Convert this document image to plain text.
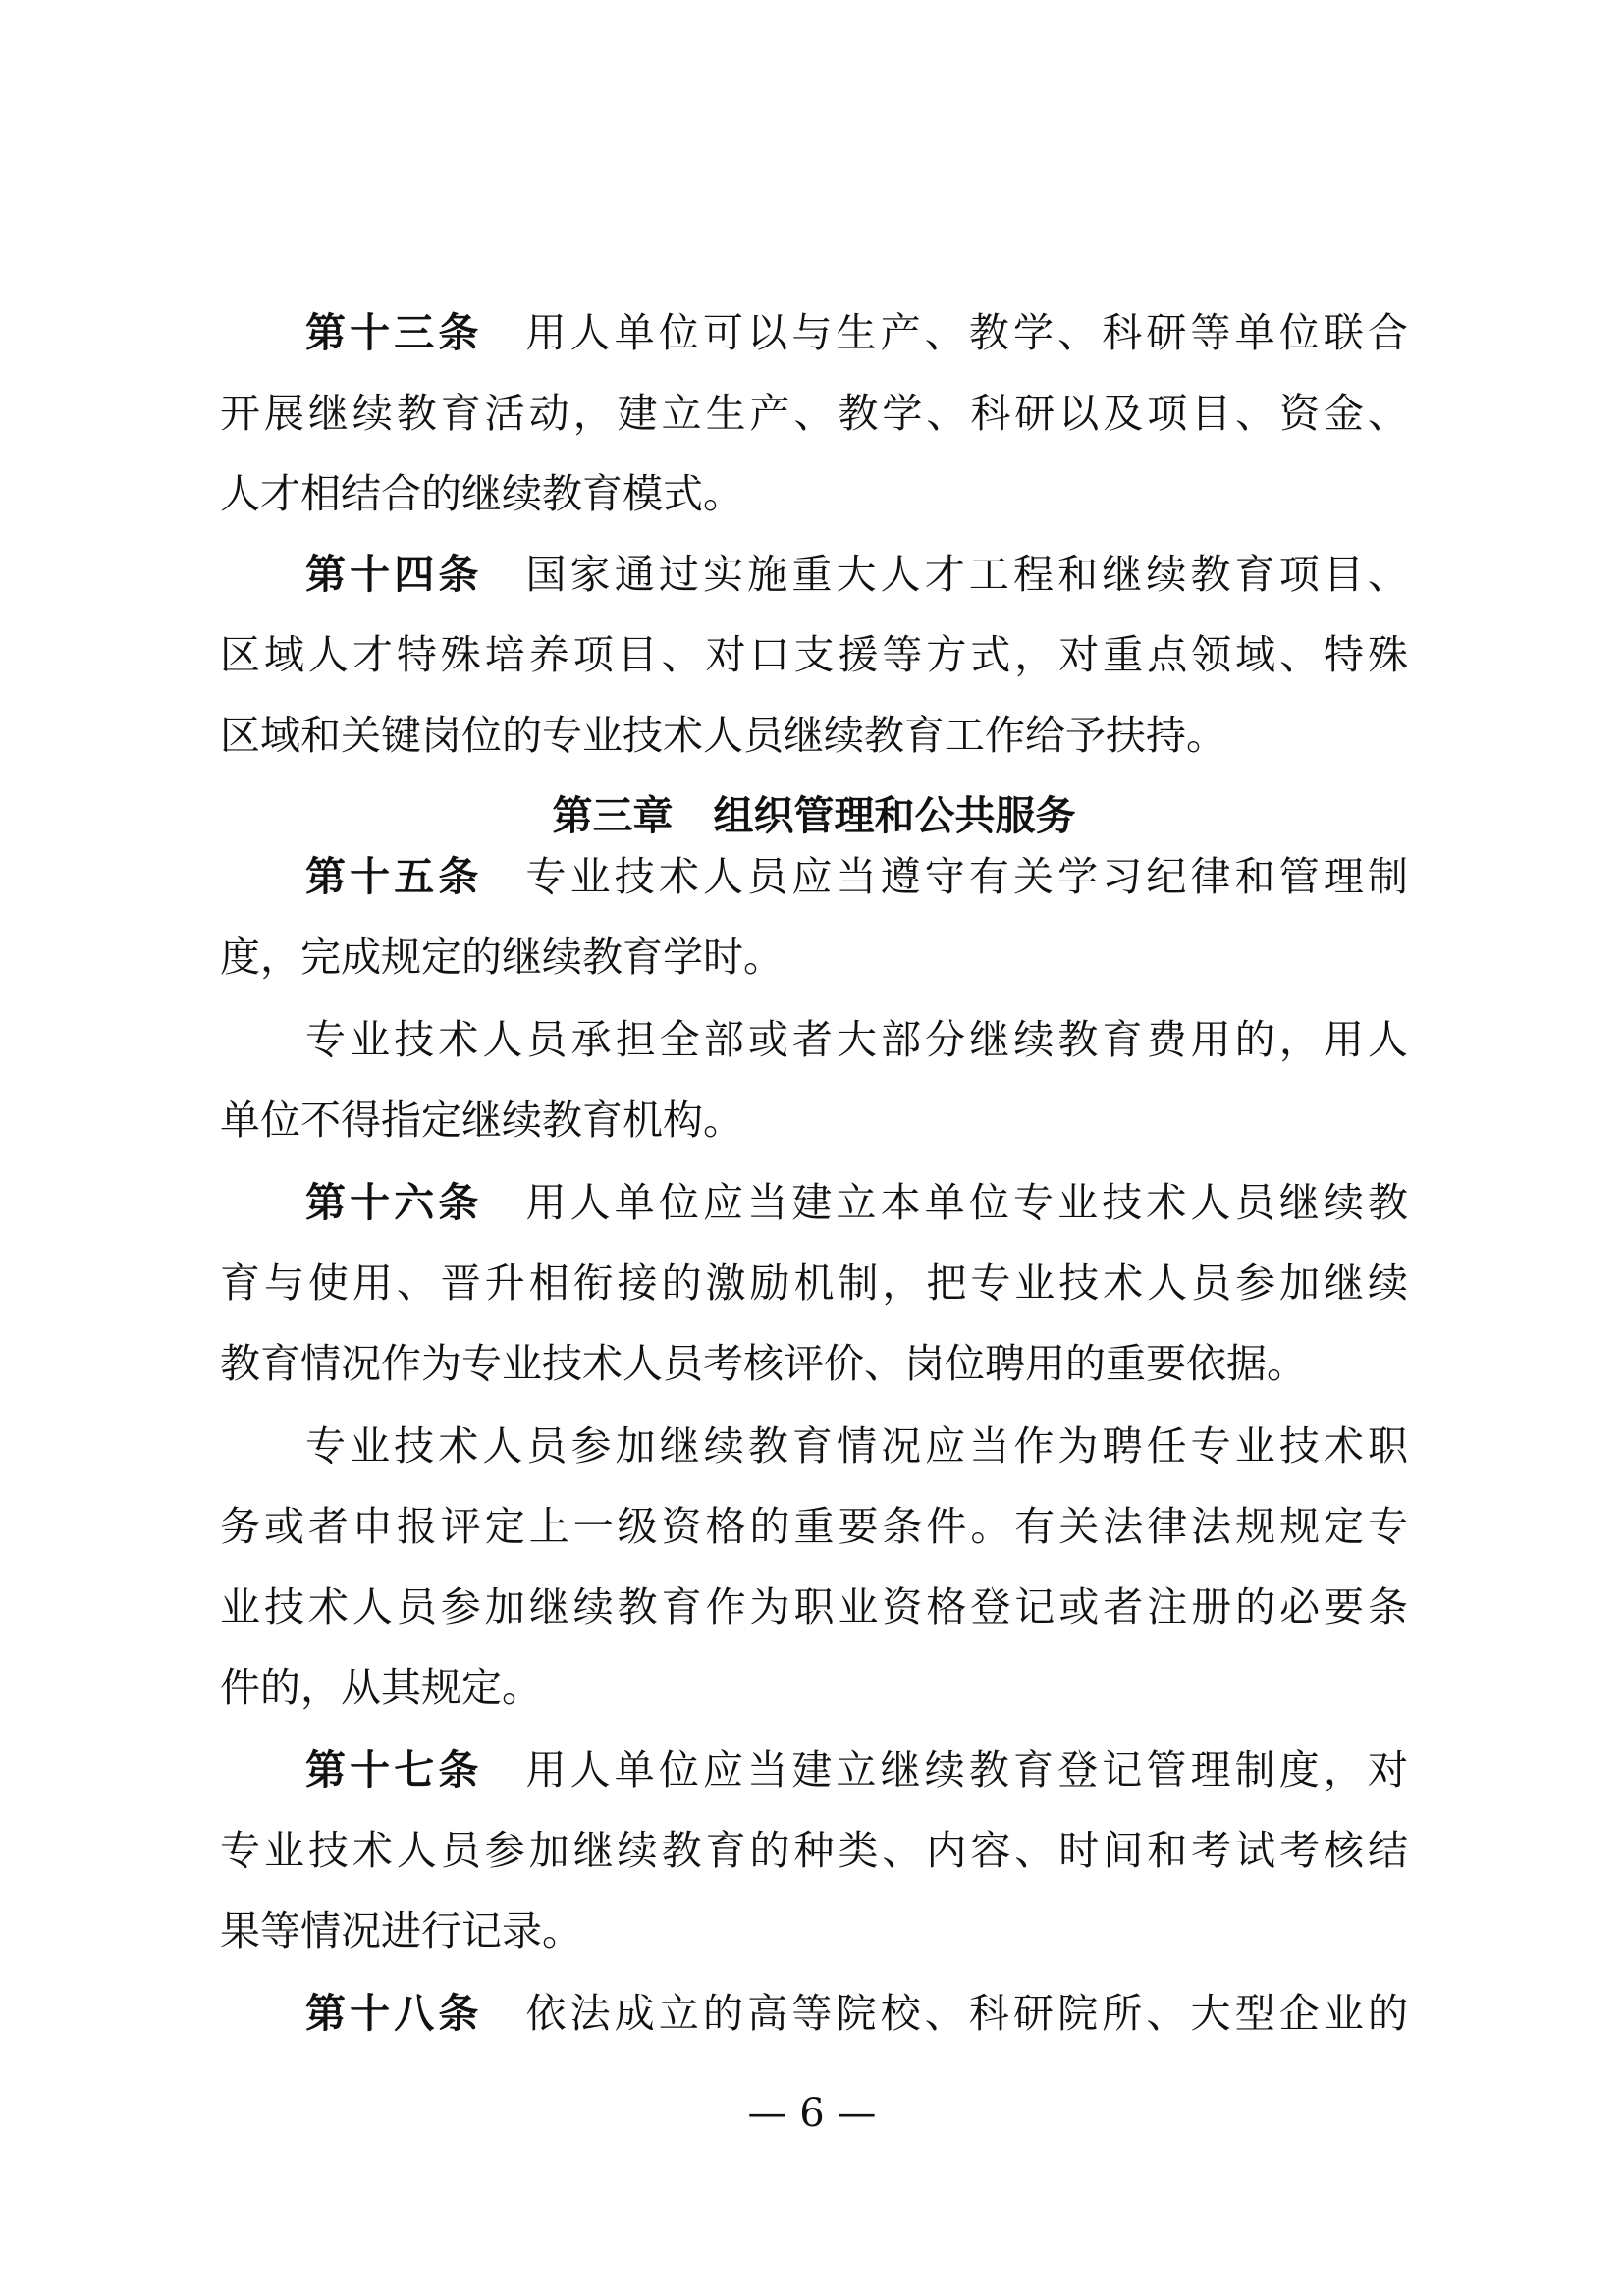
第十三条 用人单位可以与生产、教学、科研等单位联合
开展继续教育活动，建立生产、教学、科研以及项目、资金、
人才相结合的继续教育模式。
第十四条 国家通过实施重大人才工程和继续教育项目、
区域人才特殊培养项目、对口支援等方式，对重点领域、特殊
区域和关键岗位的专业技术人员继续教育工作给予扶持。
第三章　组织管理和公共服务
第十五条 专业技术人员应当遵守有关学习纪律和管理制
度，完成规定的继续教育学时。
专业技术人员承担全部或者大部分继续教育费用的，用人
单位不得指定继续教育机构。
第十六条 用人单位应当建立本单位专业技术人员继续教
育与使用、晋升相衔接的激励机制，把专业技术人员参加继续
教育情况作为专业技术人员考核评价、岗位聘用的重要依据。
专业技术人员参加继续教育情况应当作为聘任专业技术职
务或者申报评定上一级资格的重要条件。有关法律法规规定专
业技术人员参加继续教育作为职业资格登记或者注册的必要条
件的，从其规定。
第十七条 用人单位应当建立继续教育登记管理制度，对
专业技术人员参加继续教育的种类、内容、时间和考试考核结
果等情况进行记录。
第十八条 依法成立的高等院校、科研院所、大型企业的
— 6 —
